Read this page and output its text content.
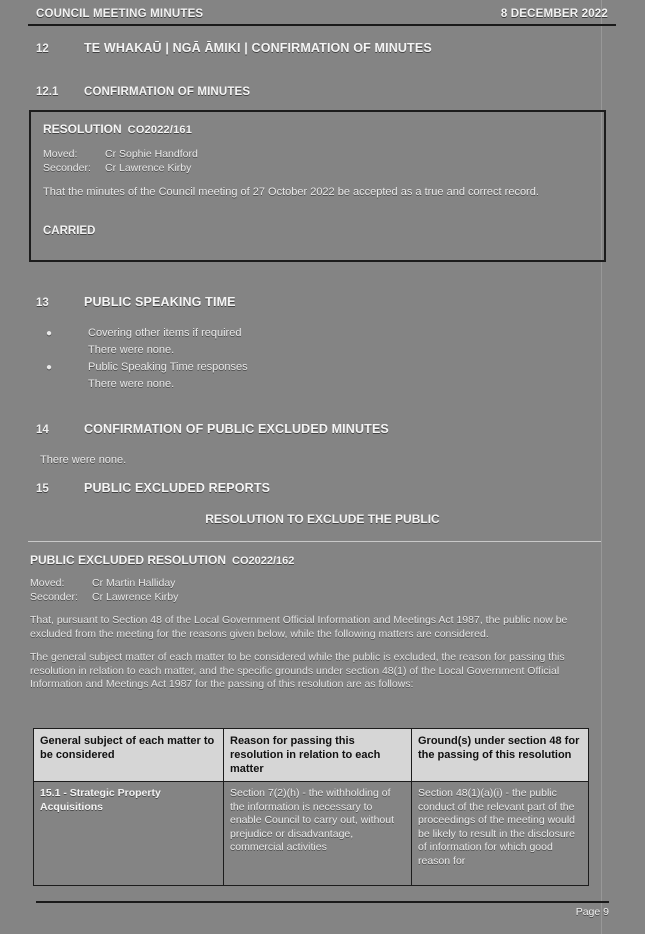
COUNCIL MEETING MINUTES	8 DECEMBER 2022
12	TE WHAKAŪ | NGĀ ĀMIKI | CONFIRMATION OF MINUTES
12.1	CONFIRMATION OF MINUTES
RESOLUTION CO2022/161
Moved:	Cr Sophie Handford
Seconder:	Cr Lawrence Kirby
That the minutes of the Council meeting of 27 October 2022 be accepted as a true and correct record.
CARRIED
13	PUBLIC SPEAKING TIME
●	Covering other items if required
There were none.
●	Public Speaking Time responses
There were none.
14	CONFIRMATION OF PUBLIC EXCLUDED MINUTES
There were none.
15	PUBLIC EXCLUDED REPORTS
RESOLUTION TO EXCLUDE THE PUBLIC
PUBLIC EXCLUDED RESOLUTION CO2022/162
Moved:	Cr Martin Halliday
Seconder:	Cr Lawrence Kirby
That, pursuant to Section 48 of the Local Government Official Information and Meetings Act 1987, the public now be excluded from the meeting for the reasons given below, while the following matters are considered.
The general subject matter of each matter to be considered while the public is excluded, the reason for passing this resolution in relation to each matter, and the specific grounds under section 48(1) of the Local Government Official Information and Meetings Act 1987 for the passing of this resolution are as follows:
General subject of each matter to be considered	Reason for passing this resolution in relation to each matter	Ground(s) under section 48 for the passing of this resolution

15.1 - Strategic Property Acquisitions	Section 7(2)(h) - the withholding of the information is necessary to enable Council to carry out, without prejudice or disadvantage, commercial activities	Section 48(1)(a)(i) - the public conduct of the relevant part of the proceedings of the meeting would be likely to result in the disclosure of information for which good reason for
Page 9
